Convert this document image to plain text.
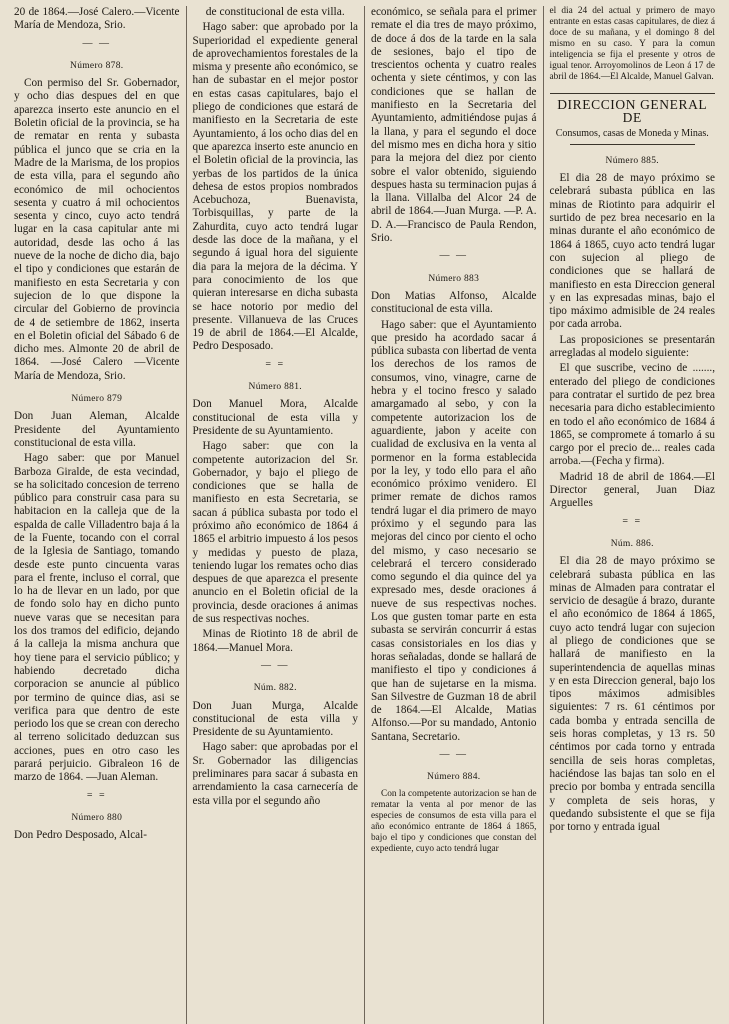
20 de 1864.—José Calero.—Vicente María de Mendoza, Srio.

— —
Número 878.

Con permiso del Sr. Gobernador, y ocho dias despues del en que aparezca inserto este anuncio en el Boletin oficial de la provincia, se ha de rematar en renta y subasta pública el junco que se cria en la Madre de la Marisma, de los propios de esta villa, para el segundo año económico de mil ochocientos sesenta y cuatro á mil ochocientos sesenta y cinco, cuyo acto tendrá lugar en la casa capitular ante mi autoridad, desde las ocho á las nueve de la noche de dicho dia, bajo el tipo y condiciones que estarán de manifiesto en esta Secretaria y con sujecion de lo que dispone la circular del Gobierno de provincia de 4 de setiembre de 1862, inserta en el Boletin oficial del Sábado 6 de dicho mes. Almonte 20 de abril de 1864. —José Calero —Vicente María de Mendoza, Srio.

Número 879

Don Juan Aleman, Alcalde Presidente del Ayuntamiento constitucional de esta villa.

Hago saber: que por Manuel Barboza Giralde, de esta vecindad, se ha solicitado concesion de terreno público para construir casa para su habitacion en la calleja que de la espalda de calle Villadentro baja á la de la Fuente, tocando con el corral de la Iglesia de Santiago, tomando desde este punto cincuenta varas para el frente, incluso el corral, que lo ha de llevar en un lado, por que de fondo solo hay en dicho punto nueve varas que se necesitan para los dos tramos del edificio, dejando á la calleja la misma anchura que hoy tiene para el servicio público; y habiendo decretado dicha corporacion se anuncie al público por termino de quince dias, asi se verifica para que dentro de este periodo los que se crean con derecho al terreno solicitado deduzcan sus acciones, pues en otro caso les parará perjuicio. Gibraleon 16 de marzo de 1864. —Juan Aleman.

= =
Número 880

Don Pedro Desposado, Alcal-

de constitucional de esta villa.

Hago saber: que aprobado por la Superioridad el expediente general de aprovechamientos forestales de la misma y presente año económico, se han de subastar en el mejor postor en estas casas capitulares, bajo el pliego de condiciones que estará de manifiesto en la Secretaria de este Ayuntamiento, á los ocho dias del en que aparezca inserto este anuncio en el Boletin oficial de la provincia, las yerbas de los partidos de la única dehesa de estos propios nombrados Acebuchoza, Buenavista, Torbisquillas, y parte de la Zahurdita, cuyo acto tendrá lugar desde las doce de la mañana, y el segundo á igual hora del siguiente dia para la mejora de la décima. Y para conocimiento de los que quieran interesarse en dicha subasta se hace notorio por medio del presente. Villanueva de las Cruces 19 de abril de 1864.—El Alcalde, Pedro Desposado.

= =
Número 881.

Don Manuel Mora, Alcalde constitucional de esta villa y Presidente de su Ayuntamiento.

Hago saber: que con la competente autorizacion del Sr. Gobernador, y bajo el pliego de condiciones que se halla de manifiesto en esta Secretaria, se sacan á pública subasta por todo el próximo año económico de 1864 á 1865 el arbitrio impuesto á los pesos y medidas y puesto de plaza, teniendo lugar los remates ocho dias despues de que aparezca el presente anuncio en el Boletin oficial de la provincia, desde oraciones á animas de sus respectivas noches.

Minas de Riotinto 18 de abril de 1864.—Manuel Mora.

— —
Núm. 882.

Don Juan Murga, Alcalde constitucional de esta villa y Presidente de su Ayuntamiento.

Hago saber: que aprobadas por el Sr. Gobernador las diligencias preliminares para sacar á subasta en arrendamiento la casa carnecería de esta villa por el segundo año

económico, se señala para el primer remate el dia tres de mayo próximo, de doce á dos de la tarde en la sala de sesiones, bajo el tipo de trescientos ochenta y cuatro reales ochenta y siete céntimos, y con las condiciones que se hallan de manifiesto en la Secretaria del Ayuntamiento, admitiéndose pujas á la llana, y para el segundo el doce del mismo mes en dicha hora y sitio para la mejora del diez por ciento sobre el valor obtenido, siguiendo despues hasta su terminacion pujas á la llana. Villalba del Alcor 24 de abril de 1864.—Juan Murga. —P. A. D. A.—Francisco de Paula Rendon, Srio.

— —
Número 883

Don Matias Alfonso, Alcalde constitucional de esta villa.

Hago saber: que el Ayuntamiento que presido ha acordado sacar á pública subasta con libertad de venta los derechos de los ramos de consumos, vino, vinagre, carne de hebra y el tocino fresco y salado amargamado al sebo, y con la competente autorizacion los de aguardiente, jabon y aceite con cualidad de exclusiva en la venta al pormenor en la forma establecida por la ley, y todo ello para el año económico próximo venidero. El primer remate de dichos ramos tendrá lugar el dia primero de mayo próximo y el segundo para las mejoras del cinco por ciento el ocho del mismo, y caso necesario se celebrará el tercero considerado como segundo el dia quince del ya expresado mes, desde oraciones á nueve de sus respectivas noches. Los que gusten tomar parte en esta subasta se servirán concurrir á estas casas consistoriales en los dias y horas señaladas, donde se hallará de manifiesto el tipo y condiciones á que han de sujetarse en la misma. San Silvestre de Guzman 18 de abril de 1864.—El Alcalde, Matias Alfonso.—Por su mandado, Antonio Santana, Secretario.

— —
Número 884.

Con la competente autorizacion se han de rematar la venta al por menor de las especies de consumos de esta villa para el año económico entrante de 1864 á 1865, bajo el tipo y condiciones que constan del expediente, cuyo acto tendrá lugar

el dia 24 del actual y primero de mayo entrante en estas casas capitulares, de diez á doce de su mañana, y el domingo 8 del mismo en su caso. Y para la comun inteligencia se fija el presente y otros de igual tenor. Arroyomolinos de Leon á 17 de abril de 1864.—El Alcalde, Manuel Galvan.

DIRECCION GENERAL DE
Consumos, casas de Moneda y Minas.
Número 885.

El dia 28 de mayo próximo se celebrará subasta pública en las minas de Riotinto para adquirir el surtido de pez brea necesario en la minas durante el año económico de 1864 á 1865, cuyo acto tendrá lugar con sujecion al pliego de condiciones que se hallará de manifiesto en esta Direccion general y en las expresadas minas, bajo el tipo máximo admisible de 24 reales por cada arroba.

Las proposiciones se presentarán arregladas al modelo siguiente:

El que suscribe, vecino de ......., enterado del pliego de condiciones para contratar el surtido de pez brea necesaria para dicho establecimiento en todo el año económico de 1684 á 1865, se compromete á tomarlo á su cargo por el precio de... reales cada arroba.—(Fecha y firma).

Madrid 18 de abril de 1864.—El Director general, Juan Diaz Arguelles

= =
Núm. 886.

El dia 28 de mayo próximo se celebrará subasta pública en las minas de Almaden para contratar el servicio de desagüe á brazo, durante el año económico de 1864 á 1865, cuyo acto tendrá lugar con sujecion al pliego de condiciones que se hallará de manifiesto en la superintendencia de aquellas minas y en esta Direccion general, bajo los tipos máximos admisibles siguientes: 7 rs. 61 céntimos por cada bomba y entrada sencilla de seis horas completas, y 13 rs. 50 céntimos por cada torno y entrada sencilla de seis horas completas, haciéndose las bajas tan solo en el precio por bomba y entrada sencilla y completa de seis horas, y quedando subsistente el que se fija por torno y entrada igual
